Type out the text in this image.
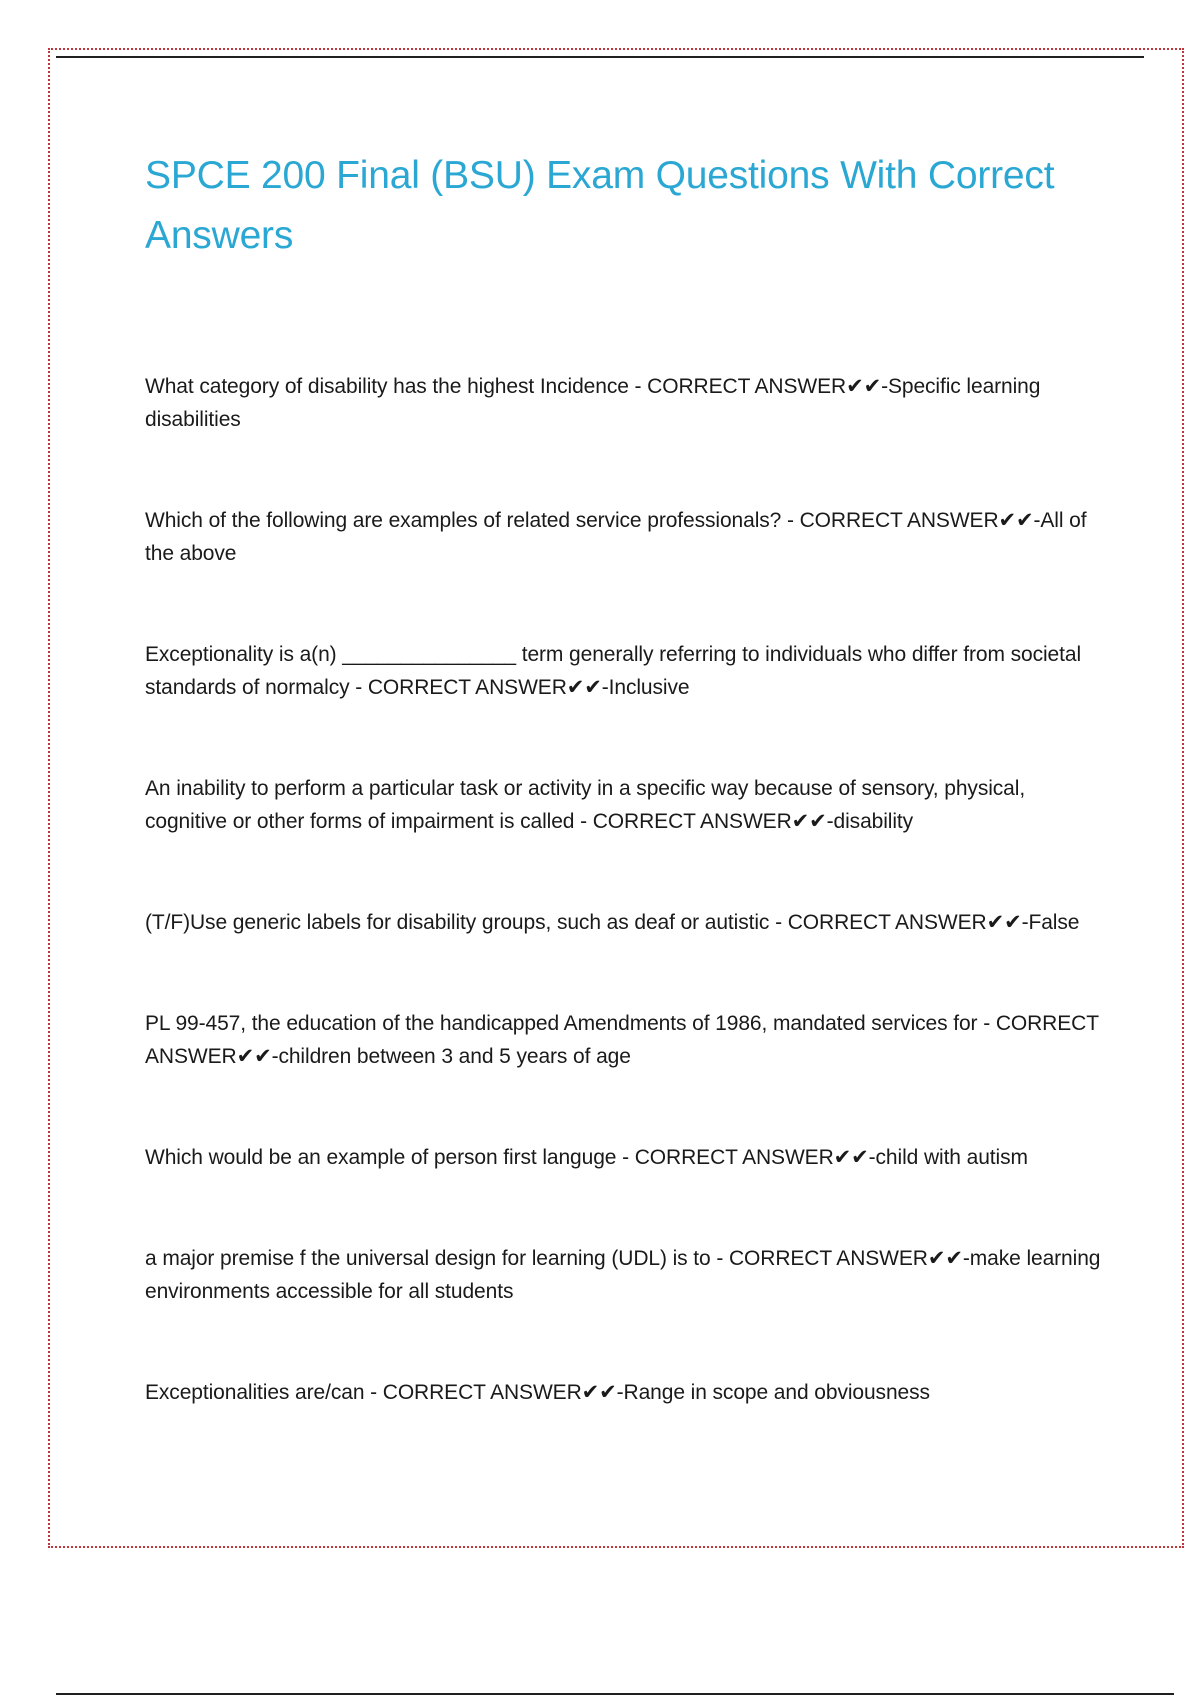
SPCE 200 Final (BSU) Exam Questions With Correct Answers

What category of disability has the highest Incidence - CORRECT ANSWER✔✔-Specific learning disabilities

Which of the following are examples of related service professionals? - CORRECT ANSWER✔✔-All of the above

Exceptionality is a(n) _______________ term generally referring to individuals who differ from societal standards of normalcy - CORRECT ANSWER✔✔-Inclusive

An inability to perform a particular task or activity in a specific way because of sensory, physical, cognitive or other forms of impairment is called - CORRECT ANSWER✔✔-disability

(T/F)Use generic labels for disability groups, such as deaf or autistic - CORRECT ANSWER✔✔-False

PL 99-457, the education of the handicapped Amendments of 1986, mandated services for - CORRECT ANSWER✔✔-children between 3 and 5 years of age

Which would be an example of person first languge - CORRECT ANSWER✔✔-child with autism

a major premise f the universal design for learning (UDL) is to - CORRECT ANSWER✔✔-make learning environments accessible for all students

Exceptionalities are/can - CORRECT ANSWER✔✔-Range in scope and obviousness
